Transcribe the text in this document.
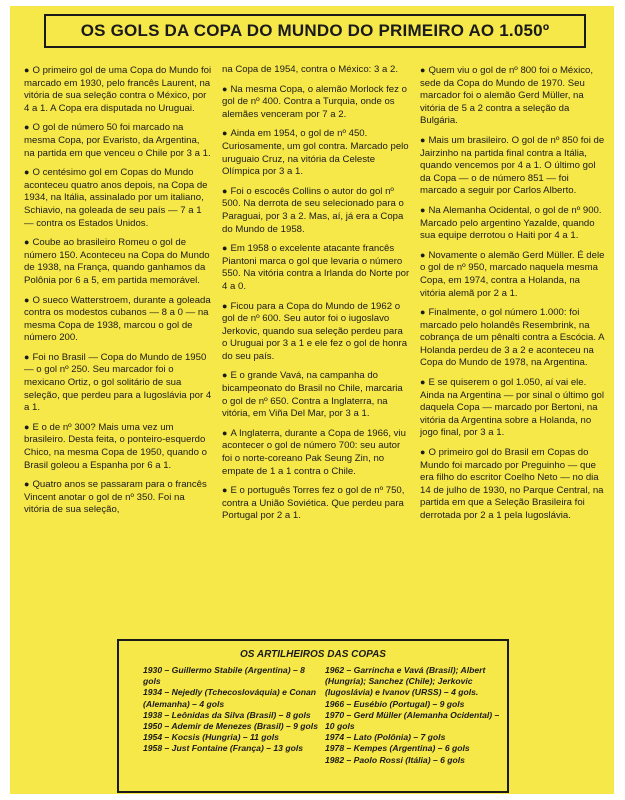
OS GOLS DA COPA DO MUNDO DO PRIMEIRO AO 1.050º

● O primeiro gol de uma Copa do Mundo foi marcado em 1930, pelo francês Laurent, na vitória de sua seleção contra o México, por 4 a 1. A Copa era disputada no Uruguai.

● O gol de número 50 foi marcado na mesma Copa, por Evaristo, da Argentina, na partida em que venceu o Chile por 3 a 1.

● O centésimo gol em Copas do Mundo aconteceu quatro anos depois, na Copa de 1934, na Itália, assinalado por um italiano, Schiavio, na goleada de seu país — 7 a 1 — contra os Estados Unidos.

● Coube ao brasileiro Romeu o gol de número 150. Aconteceu na Copa do Mundo de 1938, na França, quando ganhamos da Polônia por 6 a 5, em partida memorável.

● O sueco Watterstroem, durante a goleada contra os modestos cubanos — 8 a 0 — na mesma Copa de 1938, marcou o gol de número 200.

● Foi no Brasil — Copa do Mundo de 1950 — o gol nº 250. Seu marcador foi o mexicano Ortiz, o gol solitário de sua seleção, que perdeu para a Iugoslávia por 4 a 1.

● E o de nº 300? Mais uma vez um brasileiro. Desta feita, o ponteiro-esquerdo Chico, na mesma Copa de 1950, quando o Brasil goleou a Espanha por 6 a 1.

● Quatro anos se passaram para o francês Vincent anotar o gol de nº 350. Foi na vitória de sua seleção,

na Copa de 1954, contra o México: 3 a 2.

● Na mesma Copa, o alemão Morlock fez o gol de nº 400. Contra a Turquia, onde os alemães venceram por 7 a 2.

● Ainda em 1954, o gol de nº 450. Curiosamente, um gol contra. Marcado pelo uruguaio Cruz, na vitória da Celeste Olímpica por 3 a 1.

● Foi o escocês Collins o autor do gol nº 500. Na derrota de seu selecionado para o Paraguai, por 3 a 2. Mas, aí, já era a Copa do Mundo de 1958.

● Em 1958 o excelente atacante francês Piantoni marca o gol que levaria o número 550. Na vitória contra a Irlanda do Norte por 4 a 0.

● Ficou para a Copa do Mundo de 1962 o gol de nº 600. Seu autor foi o iugoslavo Jerkovic, quando sua seleção perdeu para o Uruguai por 3 a 1 e ele fez o gol de honra do seu país.

● E o grande Vavá, na campanha do bicampeonato do Brasil no Chile, marcaria o gol de nº 650. Contra a Inglaterra, na vitória, em Viña Del Mar, por 3 a 1.

● A Inglaterra, durante a Copa de 1966, viu acontecer o gol de número 700: seu autor foi o norte-coreano Pak Seung Zin, no empate de 1 a 1 contra o Chile.

● E o português Torres fez o gol de nº 750, contra a União Soviética. Que perdeu para Portugal por 2 a 1.

● Quem viu o gol de nº 800 foi o México, sede da Copa do Mundo de 1970. Seu marcador foi o alemão Gerd Müller, na vitória de 5 a 2 contra a seleção da Bulgária.

● Mais um brasileiro. O gol de nº 850 foi de Jairzinho na partida final contra a Itália, quando vencemos por 4 a 1. O último gol da Copa — o de número 851 — foi marcado a seguir por Carlos Alberto.

● Na Alemanha Ocidental, o gol de nº 900. Marcado pelo argentino Yazalde, quando sua equipe derrotou o Haiti por 4 a 1.

● Novamente o alemão Gerd Müller. É dele o gol de nº 950, marcado naquela mesma Copa, em 1974, contra a Holanda, na vitória alemã por 2 a 1.

● Finalmente, o gol número 1.000: foi marcado pelo holandês Resembrink, na cobrança de um pênalti contra a Escócia. A Holanda perdeu de 3 a 2 e aconteceu na Copa do Mundo de 1978, na Argentina.

● E se quiserem o gol 1.050, aí vai ele. Ainda na Argentina — por sinal o último gol daquela Copa — marcado por Bertoni, na vitória da Argentina sobre a Holanda, no jogo final, por 3 a 1.

● O primeiro gol do Brasil em Copas do Mundo foi marcado por Preguinho — que era filho do escritor Coelho Neto — no dia 14 de julho de 1930, no Parque Central, na partida em que a Seleção Brasileira foi derrotada por 2 a 1 pela Iugoslávia.

OS ARTILHEIROS DAS COPAS
1930 – Guillermo Stabile (Argentina) – 8 gols
1934 – Nejedly (Tchecoslováquia) e Conan (Alemanha) – 4 gols
1938 – Leônidas da Silva (Brasil) – 8 gols
1950 – Ademir de Menezes (Brasil) – 9 gols
1954 – Kocsis (Hungria) – 11 gols
1958 – Just Fontaine (França) – 13 gols
1962 – Garrincha e Vavá (Brasil); Albert (Hungria); Sanchez (Chile); Jerkovic (Iugoslávia) e Ivanov (URSS) – 4 gols.
1966 – Eusébio (Portugal) – 9 gols
1970 – Gerd Müller (Alemanha Ocidental) – 10 gols
1974 – Lato (Polônia) – 7 gols
1978 – Kempes (Argentina) – 6 gols
1982 – Paolo Rossi (Itália) – 6 gols
